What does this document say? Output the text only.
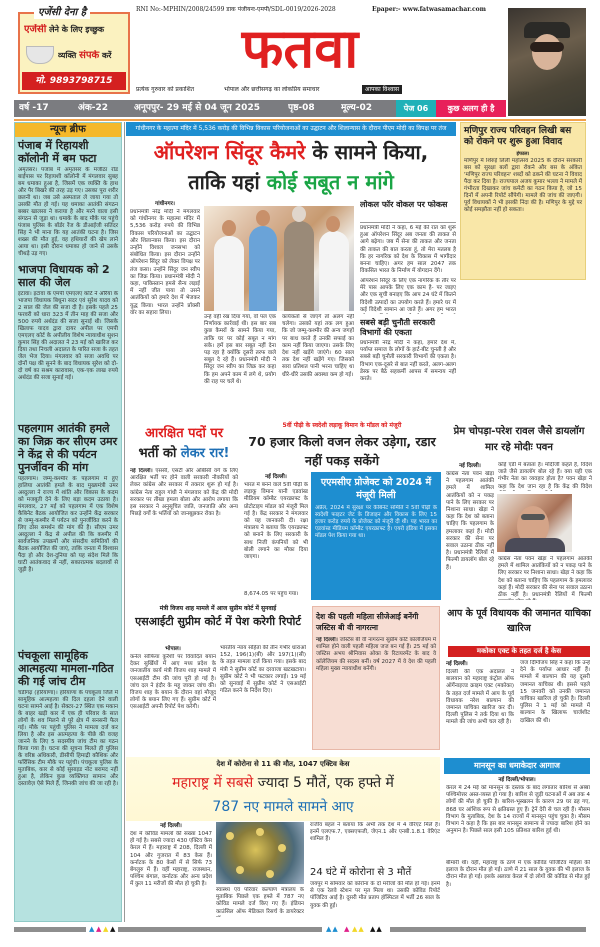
एजेंसी देना है
एजेंसी लेने के लिए इच्छुक
व्यक्ति संपर्क करें
मो. 9893798715
RNI No:-MPHIN/2008/24599 डाक पंजीयनः-एमपी/SDL-0019/2026-2028	Epaper:- www.fatwasamachar.com
फतवा
प्रत्येक गुरुवार को प्रकाशित	भोपाल और छत्तीसगढ़ का लोकप्रिय समाचार	आपका विश्वास
वर्ष -17	अंक-22	अनूपपुर- 29 मई से 04 जून 2025	पृष्ठ-08	मूल्य-02	पेज 06	कुछ अलग ही है
न्यूज ब्रीफ
पंजाब में रिहायशी कॉलोनी में बम फटा
अमृतसर। पंजाब में अमृतसर के मजीठा रोड बाईपास पर रिहायशी कॉलोनी में मंगलवार सुबह बम धमाका हुआ है, जिसमें एक व्यक्ति के हाथ और पैर बिखरे की तरह उड़ गए। उसका पूरा शरीर छलनी था। जब उसे अस्पताल ले जाया गया तो उसकी मौत हो गई। यह धमाका आतंकी संगठन बब्बर खालसा ने कराया है और मरने वाला इसी संगठन से जुड़ा था। धमाके के बाद मौके पर पहुंचे पंजाब पुलिस के बॉर्डर रेंज के डीआईजी सतिंदर सिंह ने भी माना कि यह आतंकी घटना है। जिस शख्स की मौत हुई, वह हथियारों की खेप लाने आया था। इसी दौरान धमाका हो जाने से उसके चीथड़े उड़ गए।
भाजपा विधायक को 2 साल की जेल
इटावा। इटावा के एमपी एमएलए कोर्ट ने औरैया के भाजपा विधायक बिधूना सदर एवं सुरेश यादव को 2 साल की जेल की सजा दी है। इसके पहले 25 फरवरी को धारा 323 में तीन माह की सजा और 500 रुपये अर्थदंड की सजा सुनाई थी। जिसके खिलाफ यादव द्वारा दायर अपील पर एमपी एमएलए कोर्ट के अपीलीय विशेष न्यायाधीश सुशन कुमार सिंह की अदालत ने 23 मई को खारिज कर दिया तथा निचली अदालत के पारित सजा के तहत जेल भेज दिया। मंगलवार को सजा अवधि पर दोनों पक्ष की सुनने के बाद विधायक सुरेश को दो-दो वर्ष का सश्रम कारावास, एक-एक लाख रुपये अर्थदंड की सजा सुनाई गई।
पहलगाम आतंकी हमले का जिक्र कर सीएम उमर ने केंद्र से की पर्यटन पुनर्जीवन की मांग
पहलगाम। जम्मू-कश्मीर के पहलगाम में हुए हालिया आतंकी हमले के बाद मुख्यमंत्री उमर अब्दुल्ला ने राज्य में शांति और विकास के कदम को मजबूती देने के लिए बड़ा कदम उठाया है। मंगलवार, 27 मई को पहलगाम में एक विशेष कैबिनेट बैठक आयोजित कर उन्होंने केंद्र सरकार से जम्मू-कश्मीर में पर्यटन को पुनर्जीवित करने के लिए ठोस समर्थन की मांग की है। सीएम उमर अब्दुल्ला ने केंद्र से अपील की कि कश्मीर में सार्वजनिक उपक्रमों और संसदीय समितियों की बैठक आयोजित की जाएं, ताकि जनता में विश्वास पैदा हो और देश-दुनिया को यह संदेश मिले कि घाटी आतंकवाद से नहीं, सकारात्मक बदलावों से जुड़ी है।
पंचकूला सामूहिक आत्महत्या मामला-गठित की गई जांच टीम
चंडीगढ़ (हरियाणा)। हरियाणा के पंचकूला जिले में सामूहिक आत्महत्या की दिल दहला देने वाली घटना सामने आई है। सेक्टर-27 स्थित एक मकान के बाहर खड़ी कार में एक ही परिवार के सात लोगों के शव मिलने से पूरे क्षेत्र में सनसनी फैल गई। मौके पर पहुंची पुलिस ने मामला दर्ज कर लिया है और इस आत्महत्या के पीछे की वजह जानने के लिए 5 सदस्यीय जांच टीम का गठन किया गया है। घटना की सूचना मिलते ही पुलिस के वरिष्ठ अधिकारी, डीसीपी हिमाद्री कौशिक और फॉरेंसिक टीम मौके पर पहुंची। पंचकूला पुलिस के मुताबिक, कार से कोई सुसाइड नोट बरामद नहीं हुआ है, लेकिन कुछ व्यक्तिगत सामान और दस्तावेज़ ऐसे मिले हैं, जिनकी जांच की जा रही है।
गांधीनगर के महात्मा मंदिर में 5,536 करोड़ की विभिन्न विकास परियोजनाओं का उद्घाटन और शिलान्यास के दौरान पीएम मोदी का विपक्ष पर तंज
ऑपरेशन सिंदूर कैमरे के सामने किया,
ताकि यहां कोई सबूत न मांगे
गांधीनगर।
प्रधानमंत्री नरेंद्र मोदी ने मंगलवार को गांधीनगर के महात्मा मंदिर में 5,536 करोड़ रुपये की विभिन्न विकास परियोजनाओं का उद्घाटन और शिलान्यास किया। इस दौरान उन्होंने विशाल जनसभा को संबोधित किया। इस दौरान उन्होंने ऑपरेशन सिंदूर को लेकर विपक्ष पर तंज कसा। उन्होंने सिंदूर जन स्वीप का जिक्र किया। प्रधानमंत्री मोदी ने कहा, पाकिस्तान हमसे सैन्य लड़ाई में नहीं जीत पाया तो उसने आतंकियों को हमारे देश में भेजकर युद्ध किया। भारत उन्होंने प्रॉक्सी वॉर का सहारा लिया।
उन्हें वहीं रख दिया गया, वो पल एक निर्णायक कार्रवाई थी। इस बार सब कुछ कैमरों के सामने किया गया, ताकि घर पर कोई सबूत न मांग सके। हमें इस बार सबूत नहीं देना पड़ रहा है क्योंकि दूसरी तरफ वाले सबूत दे रहे हैं। प्रधानमंत्री मोदी ने सिंदूर जन स्वीप का जिक्र कर कहा कि हम अपने काम में लगे थे, प्रयोग की राह पर चलें थे।
कार्यकर्ता से जाएंगे तो अलग नहीं चलेगा। उसको यहां तक लग हुआ कि जो जम्मू-कश्मीर की अन्य जगहों पर बाध करते हैं उनकी सफाई का काम नहीं किया जाएगा। उसके लिए देश नहीं खड़ेंगे जाएंगे। 60 साल तक देश नहीं खड़ेंगे गए। जिसको सारा प्रतिशत पानी भरना चाहिए था धीरे-धीरे उसकी अवस्था कम हो गई।
लोकल फॉर वोकल पर फोकस
प्रधानमंत्री मोदी ने कहा, 6 मई की रात को शुरू हुआ ऑपरेशन सिंदूर अब जनता की ताकत से आगे बढ़ेगा। जब मैं सेना की ताकत और जनता की ताकत की बात करता हूं, तो मेरा मतलब है कि हर नागरिक को देश के विकास में भागीदार बनना चाहिए। अगर हम साल 2047 तक विकसित भारत के निर्माण में योगदान देंगे।
ऑपरेशन सिंदूर के लिए एक नागरिक के तौर पर मेरे पास आपके लिए एक काम है- पर जाइए और एक सूची बनाइए कि आप 24 घंटे में कितने विदेशी उत्पादों का उपयोग करते हैं। हमारे घर में कई विदेशी सामान आ जाते हैं। अगर हम भारत
मणिपुर राज्य परिवहन लिखी बस को रोकने पर शुरू हुआ विवाद
इंफाल।
मणिपुर में शिरुई लिली महोत्सव 2025 के दौरान सरकारी बस को सुरक्षा बलों द्वारा रोकने और बस के अंकित 'मणिपुर राज्य परिवहन' शब्दों को ढकने की घटना ने विवाद पैदा कर दिया है। राज्यपाल अजय कुमार भल्ला ने मामले में गंभीरता दिखाकर जांच कमेटी का गठन किया है, जो 15 दिनों में अपनी रिपोर्ट सौंपेगी। मामले की जांच की जाएगी। पूर्व विधायकों ने भी इसकी निंदा की है। मणिपुर के मुद्दे पर कोई समझौता नहीं हो सकता।
सबसे बड़ी चुनौती सरकारी विभागों की एकता
प्रधानमंत्री नरेंद्र मोदी ने कहा, हमारे देश में, पर्याप्त समाज के लोगों के हार्ट-बीट चुनती है और सबसे बड़ी चुनौती सरकारी विभागों की एकता है। विभाग एक-दूसरे से बात नहीं करते, अलग-अलग डेस्क पर बैठे सहकर्मी आपस में समन्वय नहीं करते।
आरक्षित पदों पर
भर्ती को लेकर रार!
नई दिल्ली। एससी, एसटी और ओबीसी वर्ग के लिए आरक्षित भर्ती पर होने वाली सरकारी नौकरियों को लेकर कांग्रेस और सरकार में तकरार शुरू हो गई है। कांग्रेस नेता राहुल गांधी ने मंगलवार को केंद्र की मोदी सरकार पर तीखा हमला बोला और आरोप लगाया कि इस सरकार ने अनुसूचित जाति, जनजाति और अन्य पिछड़े वर्गों के भर्तियों को जानबूझकर रोका है।
5वीं पीढ़ी के स्वदेशी लड़ाकू विमान के मॉडल को मंजूरी
70 हजार किलो वजन लेकर उड़ेगा, रडार नहीं पकड़ सकेंगे
नई दिल्ली।
भारत में बनने वाले 5वीं पीढ़ी के लड़ाकू विमान यानी एडवांस्ड मीडियम कॉम्बैट एयरक्राफ्ट के प्रोटोटाइप मॉडल को मंजूरी मिल गई है। केंद्र सरकार ने मंगलवार को यह जानकारी दी। रक्षा मंत्रालय ने बताया कि एयरक्राफ्ट को बनाने के लिए सरकारी के साथ निजी कंपनियों को भी बोली लगाने का मौका दिया जाएगा।
8,674.05 पर पहुंच गया।
एएमसीए प्रोजेक्ट को 2024 में मंजूरी मिली
अप्रैल, 2024 में सुरक्षा पर कैबिनेट समिति ने 5वीं पीढ़ी के स्वदेशी फाइटर जेट के डिजाइन और विकास के लिए 15 हजार करोड़ रुपये के प्रोजेक्ट को मंजूरी दी थी। यह भारत का एडवांस्ड मीडियम कॉम्बैट एयरक्राफ्ट है। एयरो इंडिया में इसका मॉडल पेश किया गया था।
प्रेम चोपड़ा-परेश रावल जैसे डायलॉग मार रहे मोदीः पवन
नई दिल्ली।
कांग्रेस नेता पवन खेड़ा ने पहलगाम आतंकी हमले में शामिल आतंकियों को न पकड़ पाने के लिए सरकार पर निशाना साधा। खेड़ा ने कहा कि देश को बताना चाहिए कि पहलगाम के हमलावर कहां हैं। मोदी सरकार की सेना पर सवाल उठाना ठीक नहीं है। प्रधानमंत्री रैलियों में फिल्मी डायलॉग बोल रहे हैं।
कोई एडी में बताता है। मोदीजी कहते हैं, विदेश जाते जैसे डायलॉग बोल रहे हैं। क्या यही एक गंभीर नेता का व्यवहार होता है? पवन खेड़ा ने कहा कि देश जान रहा है कि केंद्र की विदेश
कांग्रेस नेता पवन खेड़ा ने पहलगाम आतंकी हमले में शामिल आतंकियों को न पकड़ पाने के लिए सरकार पर निशाना साधा। खेड़ा ने कहा कि देश को बताना चाहिए कि पहलगाम के हमलावर कहां हैं। मोदी सरकार की सेना पर सवाल उठाना ठीक नहीं है। प्रधानमंत्री रैलियों में फिल्मी
मंत्री विजय शाह मामले में आज सुप्रीम कोर्ट में सुनवाई
एसआईटी सुप्रीम कोर्ट में पेश करेगी रिपोर्ट
भोपाल।
कर्नल सोफिया कुरैशी पर विवादित बयान देकर सुर्खियों में आए मध्य प्रदेश के जनजातीय कार्य मंत्री विजय शाह मामले में एसआईटी टीम की जांच पूरी हो गई है। जांच दल ने इंदौर के महू जाकर जांच की। विजय शाह के बयान के दौरान वहां मौजूद लोगों के बयान लिए गए हैं। सुप्रीम कोर्ट में एसआईटी अपनी रिपोर्ट पेश करेगी।
भारतीय न्याय संहिता की तीन गंभीर धाराओं 152, 196(1)(बी) और 197(1)(सी) के तहत मामला दर्ज किया गया। इसके बाद मंत्री ने सुप्रीम कोर्ट का दरवाजा खटखटाया। सुप्रीम कोर्ट ने भी फटकार लगाई। 19 मई को सुनवाई में सुप्रीम कोर्ट ने एसआईटी गठित करने के निर्देश दिए।
देश की पहली महिला सीजेआई बनेंगी जस्टिस बी वी नागरत्ना
नई दिल्ली। जस्टिस बी वी नागरत्ना सुप्रीम कोर्ट कॉलेजियम में शामिल होने वाली पहली महिला जज बन गई हैं। 25 मई को जस्टिस अभय श्रीनिवास ओका के रिटायरमेंट के बाद वे कॉलेजियम की सदस्य बनीं। वर्ष 2027 में वे देश की पहली महिला मुख्य न्यायाधीश बनेंगी।
आप के पूर्व विधायक की जमानत याचिका खारिज
मकोका एक्ट के तहत दर्ज है केस
नई दिल्ली।
दिल्ली की एक अदालत ने बालयान को महाराष्ट्र कंट्रोल ऑफ ऑर्गेनाइज्ड क्राइम एक्ट (मकोका) के तहत दर्ज मामले में आप के पूर्व विधायक नरेश बाल्यान की जमानत याचिका खारिज कर दी। दिल्ली पुलिस ने तर्क दिया था कि मामले की जांच अभी चल रही है।
जज दिग्विजय सिंह ने कहा कि उन्हें देने के पर्याप्त आधार नहीं हैं। मामले में बाल्यान की यह दूसरी जमानत याचिका थी। इससे पहले 15 जनवरी को उनकी जमानत याचिका खारिज हो चुकी है। दिल्ली पुलिस ने 1 मई को मामले में बाल्यान के खिलाफ चार्जशीट दाखिल की थी।
देश में कोरोना से 11 की मौत, 1047 एक्टिव केस
महाराष्ट्र में सबसे ज्यादा 5 मौतें, एक हफ्ते में
787 नए मामले सामने आए
नई दिल्ली।
देश में कोविड मामलों की संख्या 1047 हो गई है। सबसे ज्यादा 430 एक्टिव केस केरल में हैं। महाराष्ट्र में 208, दिल्ली में 104 और गुजरात में 83 केस हैं। कर्नाटक के 80 केसों में से सिर्फ 73 बेंगलुरु में हैं। वहीं महाराष्ट्र, राजस्थान, पश्चिम बंगाल, कर्नाटक और अन्य प्रदेश में कुल 11 मरीजों की मौत हो चुकी है।
स्वास्थ्य एवं परिवार कल्याण मंत्रालय के मुताबिक पिछले एक हफ्ते में 787 नए कोविड मामले दर्ज किए गए हैं। इंडियन काउंसिल ऑफ मेडिकल रिसर्च के डायरेक्टर
राजीव बहल ने बताया कि अभी तक देश में 4 वेरिएंट मिले हैं। इनमें एलएफ.7, एक्सएफजी, जेएन.1 और एनबी.1.8.1 वेरिएंट शामिल हैं।
24 घंटे में कोरोना से 3 मौतें
जयपुर में सोमवार को कोरोना के दो मरीजों की मौत हो गई। इनमें से एक रेलवे स्टेशन पर मृत मिला था। उसकी कोविड रिपोर्ट पॉजिटिव आई है। दूसरी मौत प्रताप हॉस्पिटल में भर्ती 26 साल के युवक की हुई।
मानसून का धमाकेदार आगाज
नई दिल्ली/भोपाल।
केरल में 24 मई को मानसून के दस्तक के बाद लगातार बारिश से अब्बा पश्चिमोत्तर अस्त-व्यस्त हो गया है। बारिश से जुड़ी घटनाओं में अब तक 4 लोगों की मौत हो चुकी है। बारिश-भूस्खलन के कारण 29 घर ढह गए, 868 घर आंशिक रूप से क्षतिग्रस्त हुए हैं। ट्रेनें देरी से चल रही हैं। मौसम विभाग के मुताबिक, देश के 14 राज्यों में मानसून पहुंच चुका है। मौसम विभाग ने कहा है कि इस बार मानसून सामान्य से ज्यादा बारिश होने का अनुमान है। पिछले साल इसी 105 प्रतिशत बारिश हुई थी।
बीमारी थी। वहीं, महाराष्ट्र के ठाणे में एक कोविड पॉजिटिव महिला की इलाज के दौरान मौत हो गई। ठाणे में 21 साल के युवक की भी इलाज के दौरान मौत हो गई। इसके अलावा केरल में दो लोगों की कोविड से मौत हुई है।
▲ ▲ ▲ ▲	▲▲ ▲ ▲▲ ▲▲
